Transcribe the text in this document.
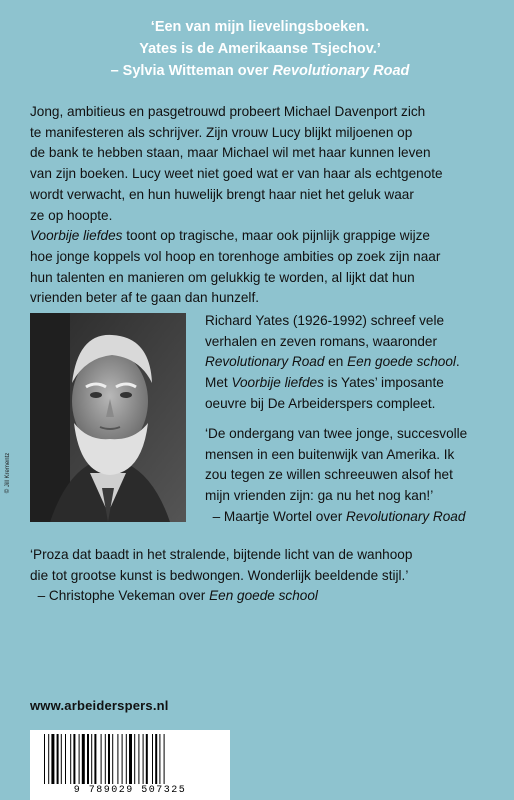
‘Een van mijn lievelingsboeken.
Yates is de Amerikaanse Tsjechov.’
– Sylvia Witteman over Revolutionary Road
Jong, ambitieus en pasgetrouwd probeert Michael Davenport zich
te manifesteren als schrijver. Zijn vrouw Lucy blijkt miljoenen op
de bank te hebben staan, maar Michael wil met haar kunnen leven
van zijn boeken. Lucy weet niet goed wat er van haar als echtgenote
wordt verwacht, en hun huwelijk brengt haar niet het geluk waar
ze op hoopte.
Voorbije liefdes toont op tragische, maar ook pijnlijk grappige wijze
hoe jonge koppels vol hoop en torenhoge ambities op zoek zijn naar
hun talenten en manieren om gelukkig te worden, al lijkt dat hun
vrienden beter af te gaan dan hunzelf.
© Jill Krementz
Richard Yates (1926-1992) schreef vele
verhalen en zeven romans, waaronder
Revolutionary Road en Een goede school.
Met Voorbije liefdes is Yates’ imposante
oeuvre bij De Arbeiderspers compleet.
‘De ondergang van twee jonge, succesvolle
mensen in een buitenwijk van Amerika. Ik
zou tegen ze willen schreeuwen alsof het
mijn vrienden zijn: ga nu het nog kan!’
– Maartje Wortel over Revolutionary Road
‘Proza dat baadt in het stralende, bijtende licht van de wanhoop
die tot grootse kunst is bedwongen. Wonderlijk beeldende stijl.’
– Christophe Vekeman over Een goede school
www.arbeiderspers.nl
9 789029 507325
